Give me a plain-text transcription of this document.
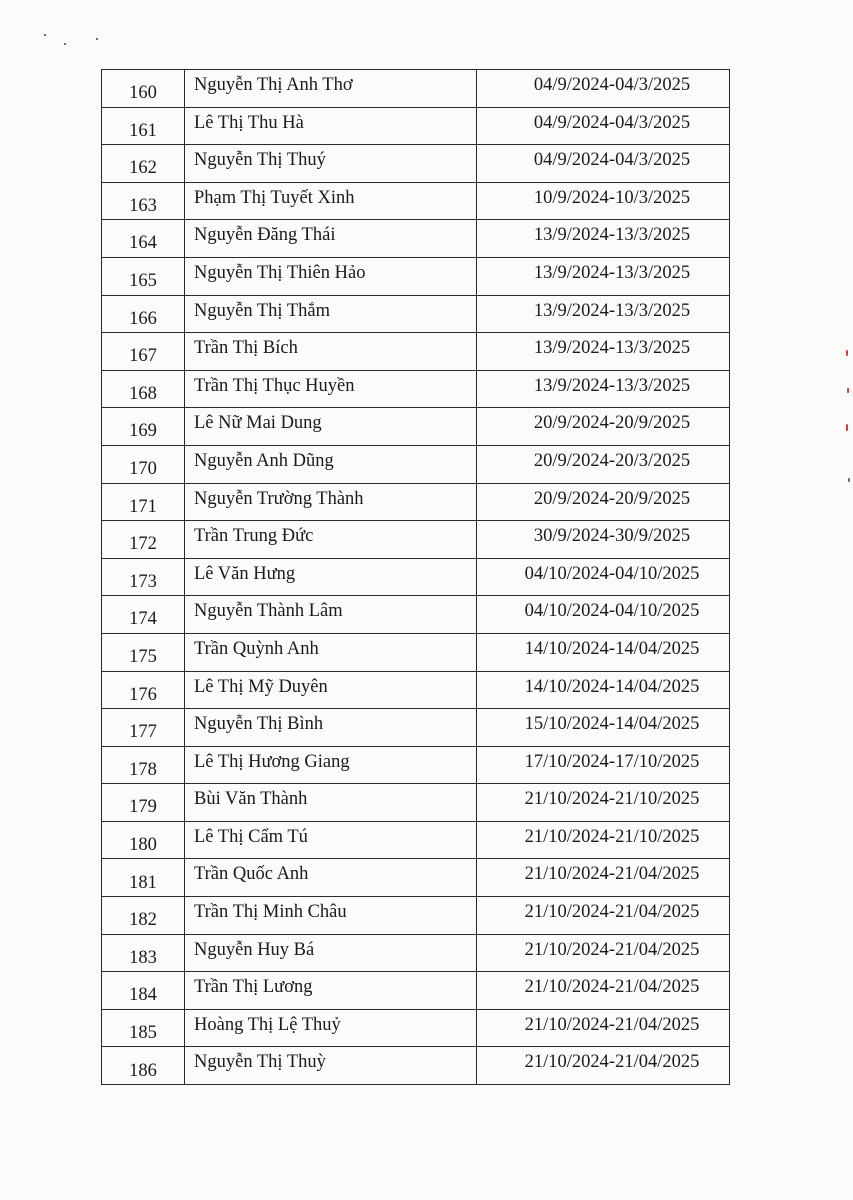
160	Nguyễn Thị Anh Thơ	04/9/2024-04/3/2025
161	Lê Thị Thu Hà	04/9/2024-04/3/2025
162	Nguyễn Thị Thuý	04/9/2024-04/3/2025
163	Phạm Thị Tuyết Xinh	10/9/2024-10/3/2025
164	Nguyễn Đăng Thái	13/9/2024-13/3/2025
165	Nguyễn Thị Thiên Hảo	13/9/2024-13/3/2025
166	Nguyễn Thị Thắm	13/9/2024-13/3/2025
167	Trần Thị Bích	13/9/2024-13/3/2025
168	Trần Thị Thục Huyền	13/9/2024-13/3/2025
169	Lê Nữ Mai Dung	20/9/2024-20/9/2025
170	Nguyễn Anh Dũng	20/9/2024-20/3/2025
171	Nguyễn Trường Thành	20/9/2024-20/9/2025
172	Trần Trung Đức	30/9/2024-30/9/2025
173	Lê Văn Hưng	04/10/2024-04/10/2025
174	Nguyễn Thành Lâm	04/10/2024-04/10/2025
175	Trần Quỳnh Anh	14/10/2024-14/04/2025
176	Lê Thị Mỹ Duyên	14/10/2024-14/04/2025
177	Nguyễn Thị Bình	15/10/2024-14/04/2025
178	Lê Thị Hương Giang	17/10/2024-17/10/2025
179	Bùi Văn Thành	21/10/2024-21/10/2025
180	Lê Thị Cẩm Tú	21/10/2024-21/10/2025
181	Trần Quốc Anh	21/10/2024-21/04/2025
182	Trần Thị Minh Châu	21/10/2024-21/04/2025
183	Nguyễn Huy Bá	21/10/2024-21/04/2025
184	Trần Thị Lương	21/10/2024-21/04/2025
185	Hoàng Thị Lệ Thuỷ	21/10/2024-21/04/2025
186	Nguyễn Thị Thuỳ	21/10/2024-21/04/2025
